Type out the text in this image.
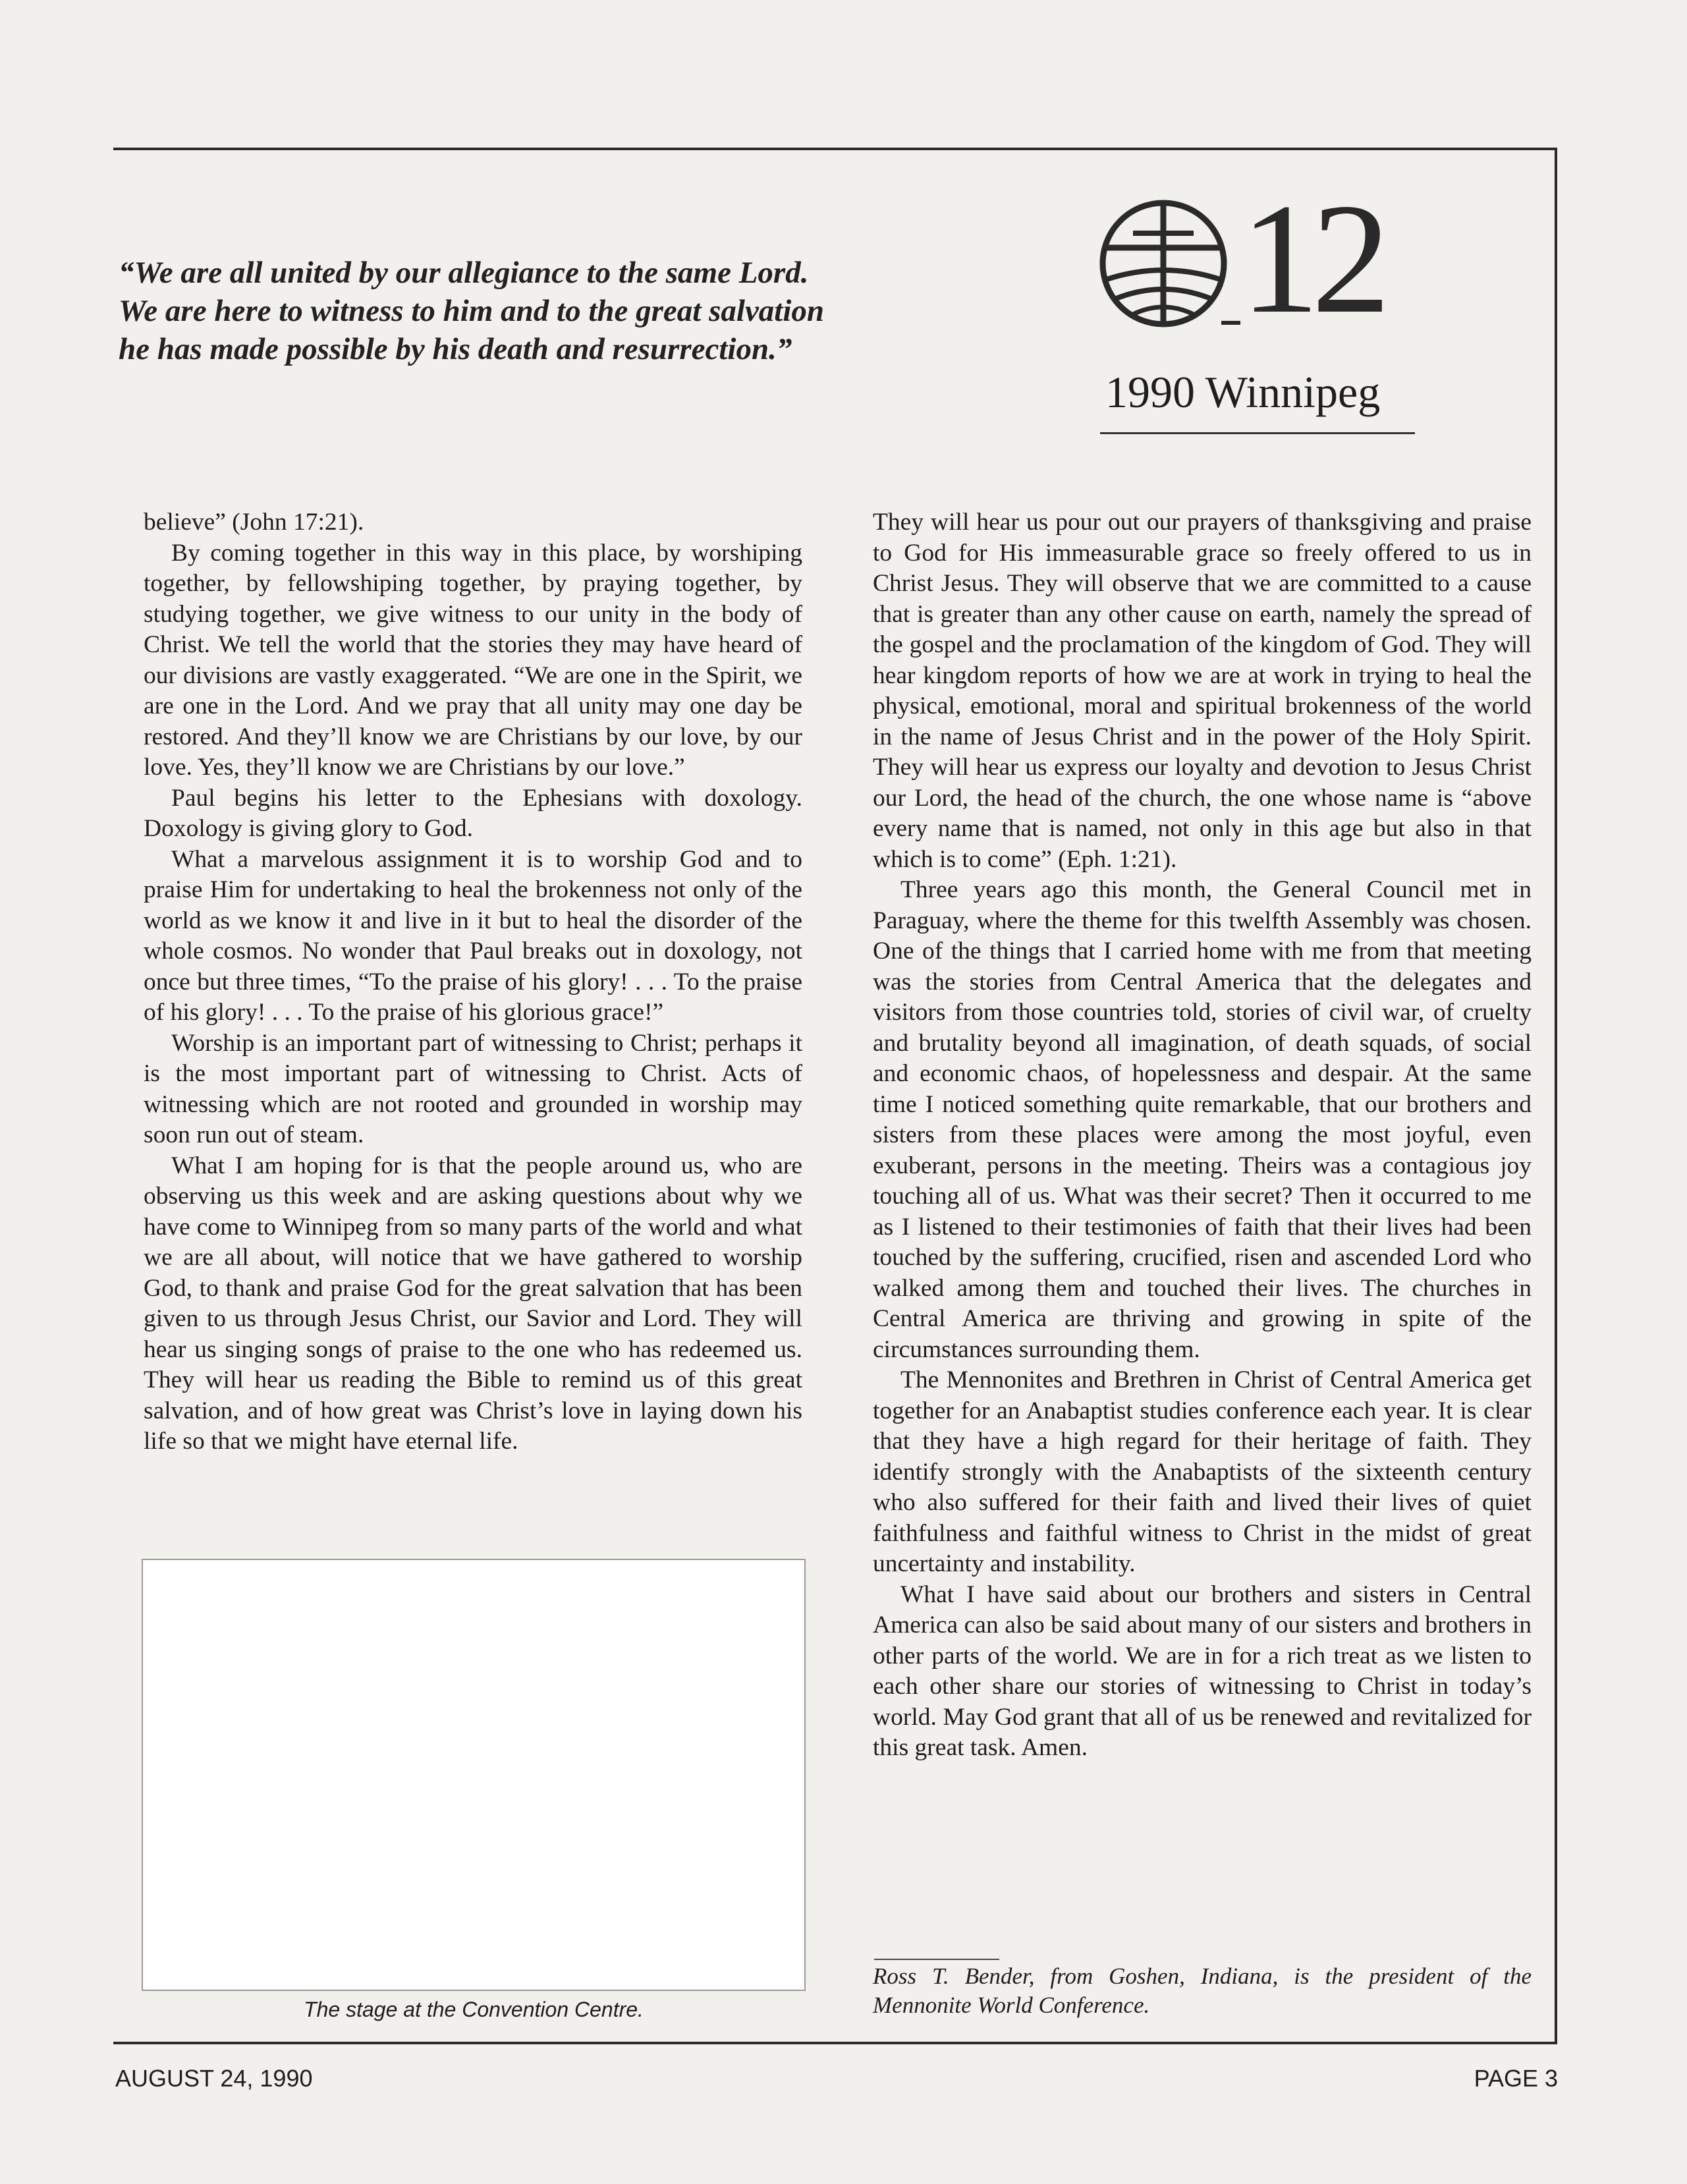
“We are all united by our allegiance to the same Lord.
We are here to witness to him and to the great salvation
he has made possible by his death and resurrection.”
12
1990 Winnipeg

believe” (John 17:21).

By coming together in this way in this place, by worshiping together, by fellowshiping together, by praying together, by studying together, we give witness to our unity in the body of Christ. We tell the world that the stories they may have heard of our divisions are vastly exaggerated. “We are one in the Spirit, we are one in the Lord. And we pray that all unity may one day be restored. And they’ll know we are Christians by our love, by our love. Yes, they’ll know we are Christians by our love.”

Paul begins his letter to the Ephesians with doxology. Doxology is giving glory to God.

What a marvelous assignment it is to worship God and to praise Him for undertaking to heal the brokenness not only of the world as we know it and live in it but to heal the disorder of the whole cosmos. No wonder that Paul breaks out in doxology, not once but three times, “To the praise of his glory! . . . To the praise of his glory! . . . To the praise of his glorious grace!”

Worship is an important part of witnessing to Christ; perhaps it is the most important part of witnessing to Christ. Acts of witnessing which are not rooted and grounded in worship may soon run out of steam.

What I am hoping for is that the people around us, who are observing us this week and are asking questions about why we have come to Winnipeg from so many parts of the world and what we are all about, will notice that we have gathered to worship God, to thank and praise God for the great salvation that has been given to us through Jesus Christ, our Savior and Lord. They will hear us singing songs of praise to the one who has redeemed us. They will hear us reading the Bible to remind us of this great salvation, and of how great was Christ’s love in laying down his life so that we might have eternal life.

The stage at the Convention Centre.

They will hear us pour out our prayers of thanksgiving and praise to God for His immeasurable grace so freely offered to us in Christ Jesus. They will observe that we are committed to a cause that is greater than any other cause on earth, namely the spread of the gospel and the proclamation of the kingdom of God. They will hear kingdom reports of how we are at work in trying to heal the physical, emotional, moral and spiritual brokenness of the world in the name of Jesus Christ and in the power of the Holy Spirit. They will hear us express our loyalty and devotion to Jesus Christ our Lord, the head of the church, the one whose name is “above every name that is named, not only in this age but also in that which is to come” (Eph. 1:21).

Three years ago this month, the General Council met in Paraguay, where the theme for this twelfth Assembly was chosen. One of the things that I carried home with me from that meeting was the stories from Central America that the delegates and visitors from those countries told, stories of civil war, of cruelty and brutality beyond all imagination, of death squads, of social and economic chaos, of hopelessness and despair. At the same time I noticed something quite remarkable, that our brothers and sisters from these places were among the most joyful, even exuberant, persons in the meeting. Theirs was a contagious joy touching all of us. What was their secret? Then it occurred to me as I listened to their testimonies of faith that their lives had been touched by the suffering, crucified, risen and ascended Lord who walked among them and touched their lives. The churches in Central America are thriving and growing in spite of the circumstances surrounding them.

The Mennonites and Brethren in Christ of Central America get together for an Anabaptist studies conference each year. It is clear that they have a high regard for their heritage of faith. They identify strongly with the Anabaptists of the sixteenth century who also suffered for their faith and lived their lives of quiet faithfulness and faithful witness to Christ in the midst of great uncertainty and instability.

What I have said about our brothers and sisters in Central America can also be said about many of our sisters and brothers in other parts of the world. We are in for a rich treat as we listen to each other share our stories of witnessing to Christ in today’s world. May God grant that all of us be renewed and revitalized for this great task. Amen.

Ross T. Bender, from Goshen, Indiana, is the president of the Mennonite World Conference.
AUGUST 24, 1990	PAGE 3
